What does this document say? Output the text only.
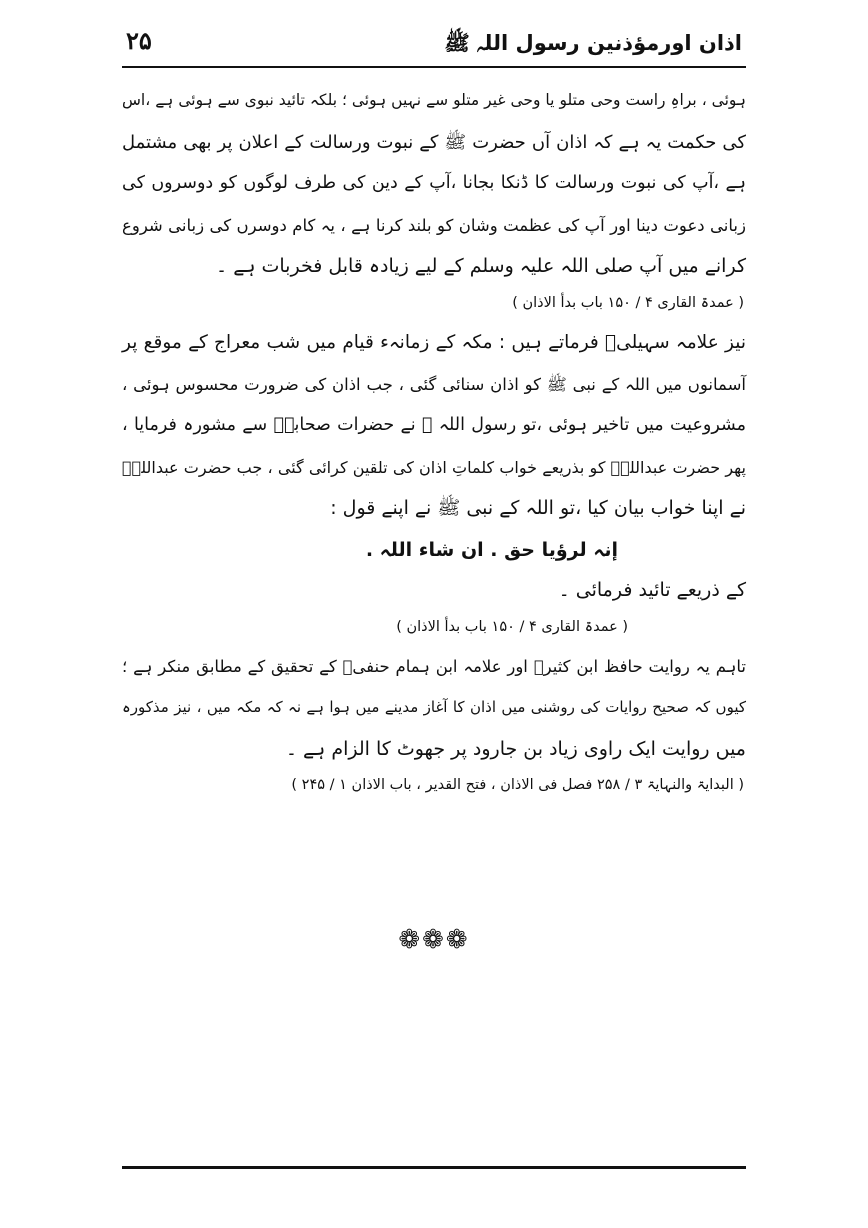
اذان اورمؤذنین رسول اللہ ﷺ
۲۵

ہوئی ، براہِ راست وحی متلو یا وحی غیر متلو سے نہیں ہوئی ؛ بلکہ تائید نبوی سے ہوئی ہے ،اس
کی حکمت یہ ہے کہ اذان آں حضرت ﷺ کے نبوت ورسالت کے اعلان پر بھی مشتمل
ہے ،آپ کی نبوت ورسالت کا ڈنکا بجانا ،آپ کے دین کی طرف لوگوں کو دوسروں کی
زبانی دعوت دینا اور آپ کی عظمت وشان کو بلند کرنا ہے ، یہ کام دوسرں کی زبانی شروع
کرانے میں آپ صلی اللہ علیہ وسلم کے لیے زیادہ قابل فخربات ہے ۔

( عمدۃ القاری ۴ / ۱۵۰ باب بدأ الاذان )

نیز علامہ سہیلیؒ فرماتے ہیں : مکہ کے زمانہء قیام میں شب معراج کے موقع پر
آسمانوں میں اللہ کے نبی ﷺ کو اذان سنائی گئی ، جب اذان کی ضرورت محسوس ہوئی ،
مشروعیت میں تاخیر ہوئی ،تو رسول اللہ ﷺ نے حضرات صحابہؓ سے مشورہ فرمایا ،
پھر حضرت عبداللہؓ کو بذریعے خواب کلماتِ اذان کی تلقین کرائی گئی ، جب حضرت عبداللہؓ
نے اپنا خواب بیان کیا ،تو اللہ کے نبی ﷺ نے اپنے قول :

إنہ لرؤیا حق . ان شاء اللہ .

کے ذریعے تائید فرمائی ۔

( عمدۃ القاری ۴ / ۱۵۰ باب بدأ الاذان )

تاہم یہ روایت حافظ ابن کثیرؒ اور علامہ ابن ہمام حنفیؒ کے تحقیق کے مطابق منکر ہے ؛
کیوں کہ صحیح روایات کی روشنی میں اذان کا آغاز مدینے میں ہوا ہے نہ کہ مکہ میں ، نیز مذکورہ
میں روایت ایک راوی زیاد بن جارود پر جھوٹ کا الزام ہے ۔

( البدایۃ والنہایۃ ۳ / ۲۵۸ فصل فی الاذان ، فتح القدیر ، باب الاذان ۱ / ۲۴۵ )
❁❁❁
